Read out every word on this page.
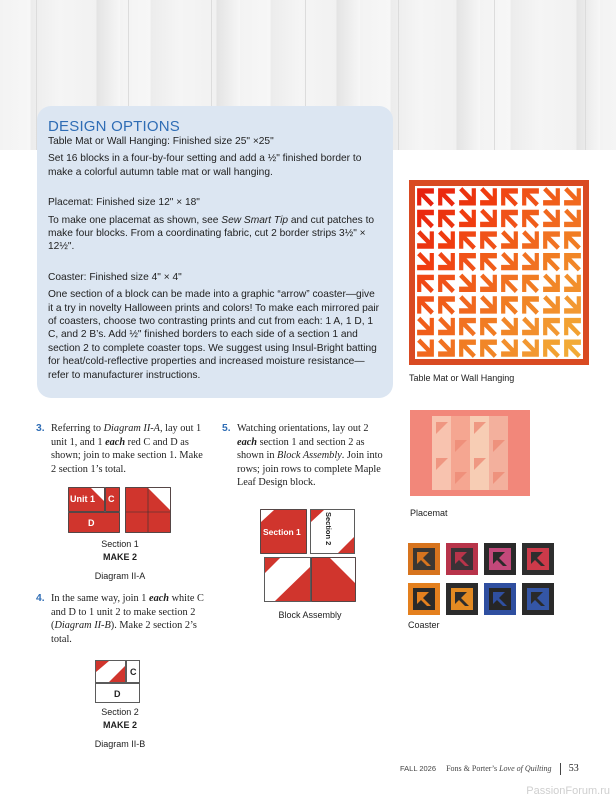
DESIGN OPTIONS

Table Mat or Wall Hanging: Finished size 25" ×25"

Set 16 blocks in a four-by-four setting and add a ½" finished border to make a colorful autumn table mat or wall hanging.

Placemat: Finished size 12" × 18"

To make one placemat as shown, see Sew Smart Tip and cut patches to make four blocks. From a coordinating fabric, cut 2 border strips 3½" × 12½".

Coaster: Finished size 4" × 4"

One section of a block can be made into a graphic “arrow” coaster—give it a try in novelty Halloween prints and colors! To make each mirrored pair of coasters, choose two contrasting prints and cut from each: 1 A, 1 D, 1 C, and 2 B’s. Add ½" finished borders to each side of a section 1 and section 2 to complete coaster tops. We suggest using Insul-Bright batting for heat/cold-reflective properties and increased moisture resistance—refer to manufacturer instructions.	Table Mat or Wall Hanging
Placemat
Coaster
3. Referring to Diagram II-A, lay out 1 unit 1, and 1 each red C and D as shown; join to make section 1. Make 2 section 1’s total.
Unit 1 C
D
Section 1
MAKE 2
Diagram II-A
4. In the same way, join 1 each white C and D to 1 unit 2 to make section 2 (Diagram II-B). Make 2 section 2’s total.
C
D
Section 2
MAKE 2
Diagram II-B
5. Watching orientations, lay out 2 each section 1 and section 2 as shown in Block Assembly. Join into rows; join rows to complete Maple Leaf Design block.
Section 1	Section 2
Block Assembly
FALL 2026 Fons & Porter’s Love of Quilting 53
PassionForum.ru
